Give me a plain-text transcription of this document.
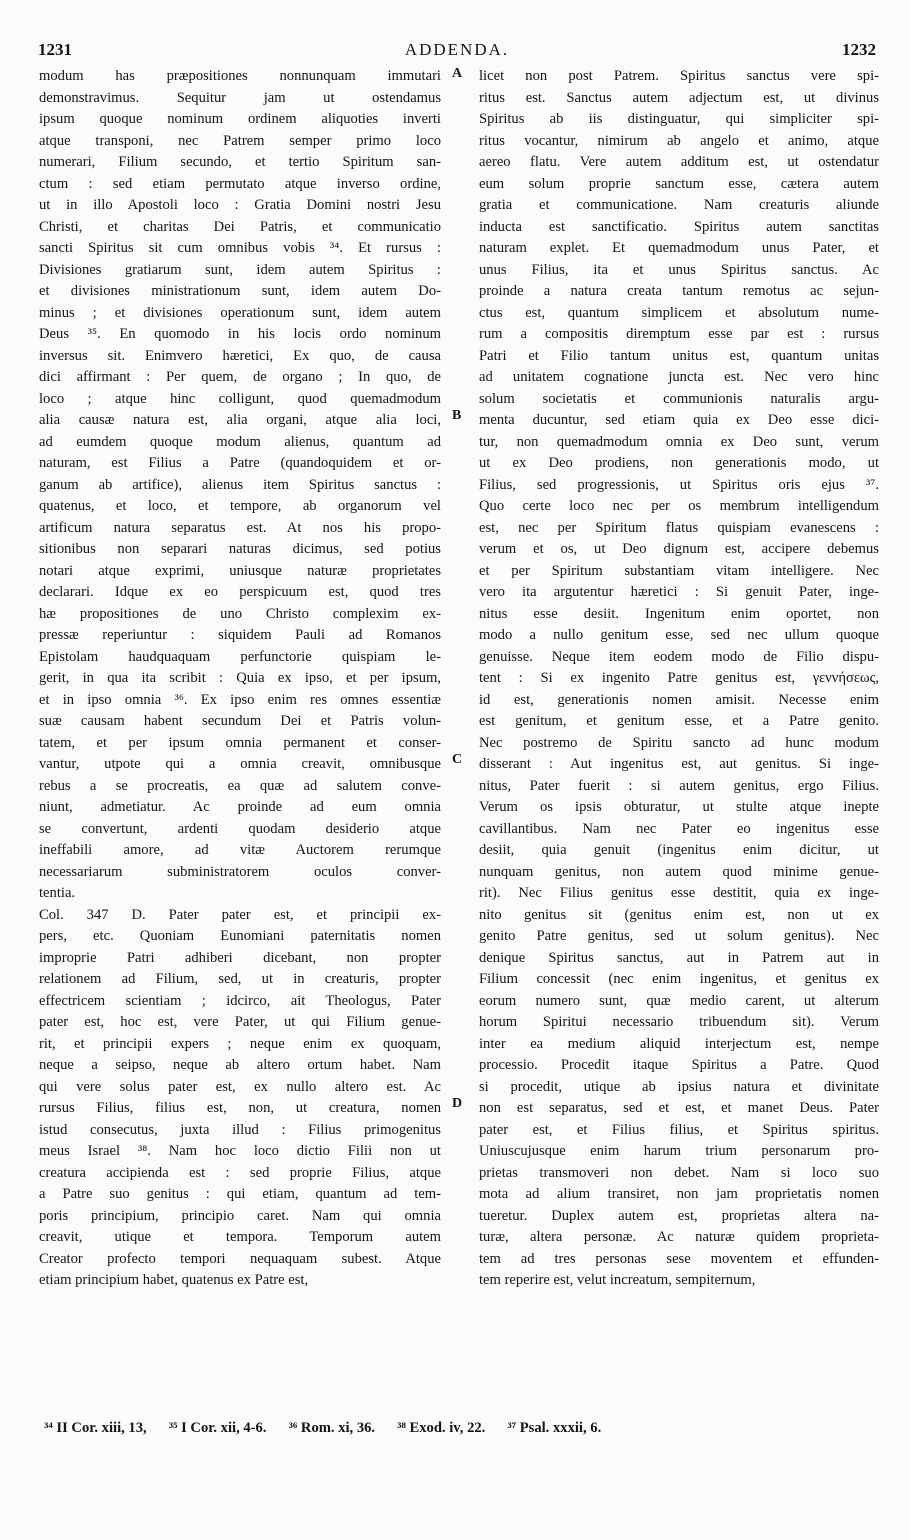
1231	ADDENDA.	1232
modum has præpositiones nonnunquam immutari
demonstravimus. Sequitur jam ut ostendamus
ipsum quoque nominum ordinem aliquoties inverti
atque transponi, nec Patrem semper primo loco
numerari, Filium secundo, et tertio Spiritum san-
ctum : sed etiam permutato atque inverso ordine,
ut in illo Apostoli loco : Gratia Domini nostri Jesu
Christi, et charitas Dei Patris, et communicatio
sancti Spiritus sit cum omnibus vobis ³⁴. Et rursus :
Divisiones gratiarum sunt, idem autem Spiritus :
et divisiones ministrationum sunt, idem autem Do-
minus ; et divisiones operationum sunt, idem autem
Deus ³⁵. En quomodo in his locis ordo nominum
inversus sit. Enimvero hæretici, Ex quo, de causa
dici affirmant : Per quem, de organo ; In quo, de
loco ; atque hinc colligunt, quod quemadmodum
alia causæ natura est, alia organi, atque alia loci,
ad eumdem quoque modum alienus, quantum ad
naturam, est Filius a Patre (quandoquidem et or-
ganum ab artifice), alienus item Spiritus sanctus :
quatenus, et loco, et tempore, ab organorum vel
artificum natura separatus est. At nos his propo-
sitionibus non separari naturas dicimus, sed potius
notari atque exprimi, uniusque naturæ proprietates
declarari. Idque ex eo perspicuum est, quod tres
hæ propositiones de uno Christo complexim ex-
pressæ reperiuntur : siquidem Pauli ad Romanos
Epistolam haudquaquam perfunctorie quispiam le-
gerit, in qua ita scribit : Quia ex ipso, et per ipsum,
et in ipso omnia ³⁶. Ex ipso enim res omnes essentiæ
suæ causam habent secundum Dei et Patris volun-
tatem, et per ipsum omnia permanent et conser-
vantur, utpote qui a omnia creavit, omnibusque
rebus a se procreatis, ea quæ ad salutem conve-
niunt, admetiatur. Ac proinde ad eum omnia
se convertunt, ardenti quodam desiderio atque
ineffabili amore, ad vitæ Auctorem rerumque
necessariarum subministratorem oculos conver-
tentia.
Col. 347 D. Pater pater est, et principii ex-
pers, etc. Quoniam Eunomiani paternitatis nomen
improprie Patri adhiberi dicebant, non propter
relationem ad Filium, sed, ut in creaturis, propter
effectricem scientiam ; idcirco, ait Theologus, Pater
pater est, hoc est, vere Pater, ut qui Filium genue-
rit, et principii expers ; neque enim ex quoquam,
neque a seipso, neque ab altero ortum habet. Nam
qui vere solus pater est, ex nullo altero est. Ac
rursus Filius, filius est, non, ut creatura, nomen
istud consecutus, juxta illud : Filius primogenitus
meus Israel ³⁸. Nam hoc loco dictio Filii non ut
creatura accipienda est : sed proprie Filius, atque
a Patre suo genitus : qui etiam, quantum ad tem-
poris principium, principio caret. Nam qui omnia
creavit, utique et tempora. Temporum autem
Creator profecto tempori nequaquam subest. Atque
etiam principium habet, quatenus ex Patre est,
licet non post Patrem. Spiritus sanctus vere spi-
ritus est. Sanctus autem adjectum est, ut divinus
Spiritus ab iis distinguatur, qui simpliciter spi-
ritus vocantur, nimirum ab angelo et animo, atque
aereo flatu. Vere autem additum est, ut ostendatur
eum solum proprie sanctum esse, cætera autem
gratia et communicatione. Nam creaturis aliunde
inducta est sanctificatio. Spiritus autem sanctitas
naturam explet. Et quemadmodum unus Pater, et
unus Filius, ita et unus Spiritus sanctus. Ac
proinde a natura creata tantum remotus ac sejun-
ctus est, quantum simplicem et absolutum nume-
rum a compositis diremptum esse par est : rursus
Patri et Filio tantum unitus est, quantum unitas
ad unitatem cognatione juncta est. Nec vero hinc
solum societatis et communionis naturalis argu-
menta ducuntur, sed etiam quia ex Deo esse dici-
tur, non quemadmodum omnia ex Deo sunt, verum
ut ex Deo prodiens, non generationis modo, ut
Filius, sed progressionis, ut Spiritus oris ejus ³⁷.
Quo certe loco nec per os membrum intelligendum
est, nec per Spiritum flatus quispiam evanescens :
verum et os, ut Deo dignum est, accipere debemus
et per Spiritum substantiam vitam intelligere. Nec
vero ita argutentur hæretici : Si genuit Pater, inge-
nitus esse desiit. Ingenitum enim oportet, non
modo a nullo genitum esse, sed nec ullum quoque
genuisse. Neque item eodem modo de Filio dispu-
tent : Si ex ingenito Patre genitus est, γεννήσεως,
id est, generationis nomen amisit. Necesse enim
est genitum, et genitum esse, et a Patre genito.
Nec postremo de Spiritu sancto ad hunc modum
disserant : Aut ingenitus est, aut genitus. Si inge-
nitus, Pater fuerit : si autem genitus, ergo Filius.
Verum os ipsis obturatur, ut stulte atque inepte
cavillantibus. Nam nec Pater eo ingenitus esse
desiit, quia genuit (ingenitus enim dicitur, ut
nunquam genitus, non autem quod minime genue-
rit). Nec Filius genitus esse destitit, quia ex inge-
nito genitus sit (genitus enim est, non ut ex
genito Patre genitus, sed ut solum genitus). Nec
denique Spiritus sanctus, aut in Patrem aut in
Filium concessit (nec enim ingenitus, et genitus ex
eorum numero sunt, quæ medio carent, ut alterum
horum Spiritui necessario tribuendum sit). Verum
inter ea medium aliquid interjectum est, nempe
processio. Procedit itaque Spiritus a Patre. Quod
si procedit, utique ab ipsius natura et divinitate
non est separatus, sed et est, et manet Deus. Pater
pater est, et Filius filius, et Spiritus spiritus.
Uniuscujusque enim harum trium personarum pro-
prietas transmoveri non debet. Nam si loco suo
mota ad alium transiret, non jam proprietatis nomen
tueretur. Duplex autem est, proprietas altera na-
turæ, altera personæ. Ac naturæ quidem proprieta-
tem ad tres personas sese moventem et effunden-
tem reperire est, velut increatum, sempiternum,
A
B
C
D
³⁴ II Cor. xiii, 13, ³⁵ I Cor. xii, 4-6. ³⁶ Rom. xi, 36. ³⁸ Exod. iv, 22. ³⁷ Psal. xxxii, 6.
